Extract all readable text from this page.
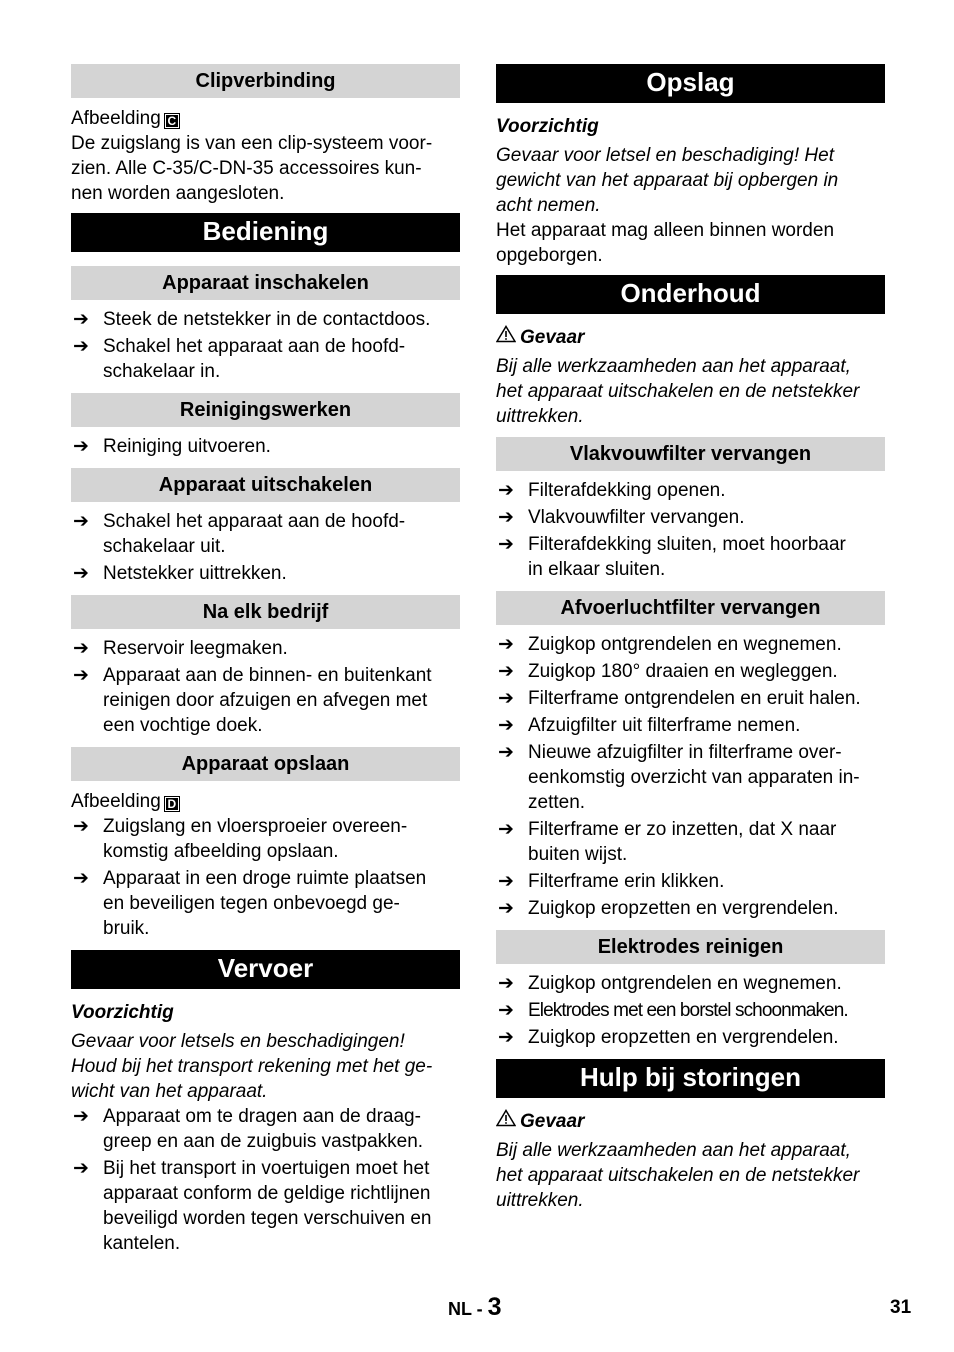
Clipverbinding

Afbeelding C

De zuigslang is van een clip-systeem voor-
zien. Alle C-35/C-DN-35 accessoires kun-
nen worden aangesloten.

Bediening
Apparaat inschakelen
➔ Steek de netstekker in de contactdoos.
➔ Schakel het apparaat aan de hoofd-
schakelaar in.
Reinigingswerken
➔ Reiniging uitvoeren.
Apparaat uitschakelen
➔ Schakel het apparaat aan de hoofd-
schakelaar uit.
➔ Netstekker uittrekken.
Na elk bedrijf
➔ Reservoir leegmaken.
➔ Apparaat aan de binnen- en buitenkant
reinigen door afzuigen en afvegen met
een vochtige doek.
Apparaat opslaan

Afbeelding D

➔ Zuigslang en vloersproeier overeen-
komstig afbeelding opslaan.
➔ Apparaat in een droge ruimte plaatsen
en beveiligen tegen onbevoegd ge-
bruik.
Vervoer

Voorzichtig

Gevaar voor letsels en beschadigingen!
Houd bij het transport rekening met het ge-
wicht van het apparaat.

➔ Apparaat om te dragen aan de draag-
greep en aan de zuigbuis vastpakken.
➔ Bij het transport in voertuigen moet het
apparaat conform de geldige richtlijnen
beveiligd worden tegen verschuiven en
kantelen.
Opslag

Voorzichtig

Gevaar voor letsel en beschadiging! Het
gewicht van het apparaat bij opbergen in
acht nemen.

Het apparaat mag alleen binnen worden
opgeborgen.

Onderhoud

Gevaar

Bij alle werkzaamheden aan het apparaat,
het apparaat uitschakelen en de netstekker
uittrekken.

Vlakvouwfilter vervangen
➔ Filterafdekking openen.
➔ Vlakvouwfilter vervangen.
➔ Filterafdekking sluiten, moet hoorbaar
in elkaar sluiten.
Afvoerluchtfilter vervangen
➔ Zuigkop ontgrendelen en wegnemen.
➔ Zuigkop 180° draaien en wegleggen.
➔ Filterframe ontgrendelen en eruit halen.
➔ Afzuigfilter uit filterframe nemen.
➔ Nieuwe afzuigfilter in filterframe over-
eenkomstig overzicht van apparaten in-
zetten.
➔ Filterframe er zo inzetten, dat X naar
buiten wijst.
➔ Filterframe erin klikken.
➔ Zuigkop eropzetten en vergrendelen.
Elektrodes reinigen
➔ Zuigkop ontgrendelen en wegnemen.
➔ Elektrodes met een borstel schoonmaken.
➔ Zuigkop eropzetten en vergrendelen.
Hulp bij storingen

Gevaar

Bij alle werkzaamheden aan het apparaat,
het apparaat uitschakelen en de netstekker
uittrekken.

NL - 3	31
